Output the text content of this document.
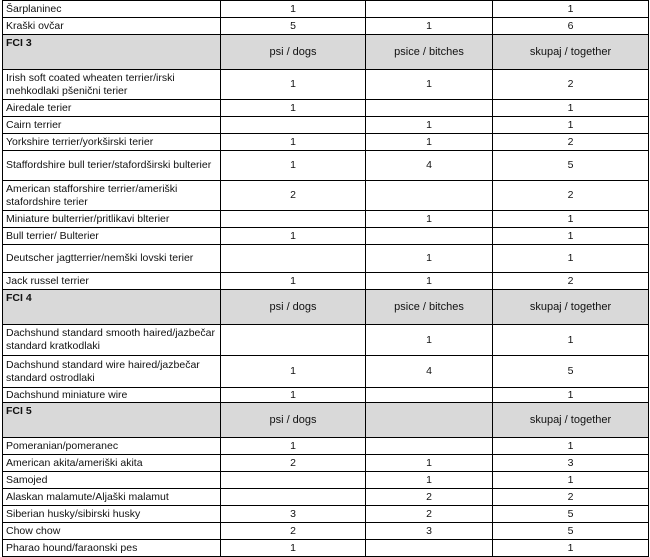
Šarplaninec	1		1
Kraški ovčar	5	1	6
FCI 3	psi / dogs	psice / bitches	skupaj / together
Irish soft coated wheaten terrier/irski mehkodlaki pšenični terier	1	1	2
Airedale terier	1		1
Cairn terrier		1	1
Yorkshire terrier/yorkširski terier	1	1	2
Staffordshire bull terier/stafordširski bulterier	1	4	5
American stafforshire terrier/ameriški stafordshire terier	2		2
Miniature bulterrier/pritlikavi blterier		1	1
Bull terrier/ Bulterier	1		1
Deutscher jagtterrier/nemški lovski terier		1	1
Jack russel terrier	1	1	2
FCI 4	psi / dogs	psice / bitches	skupaj / together
Dachshund standard smooth haired/jazbečar standard kratkodlaki		1	1
Dachshund standard wire haired/jazbečar standard ostrodlaki	1	4	5
Dachshund miniature wire	1		1
FCI 5	psi / dogs		skupaj / together
Pomeranian/pomeranec	1		1
American akita/ameriški akita	2	1	3
Samojed		1	1
Alaskan malamute/Aljaški malamut		2	2
Siberian husky/sibirski husky	3	2	5
Chow chow	2	3	5
Pharao hound/faraonski pes	1		1
